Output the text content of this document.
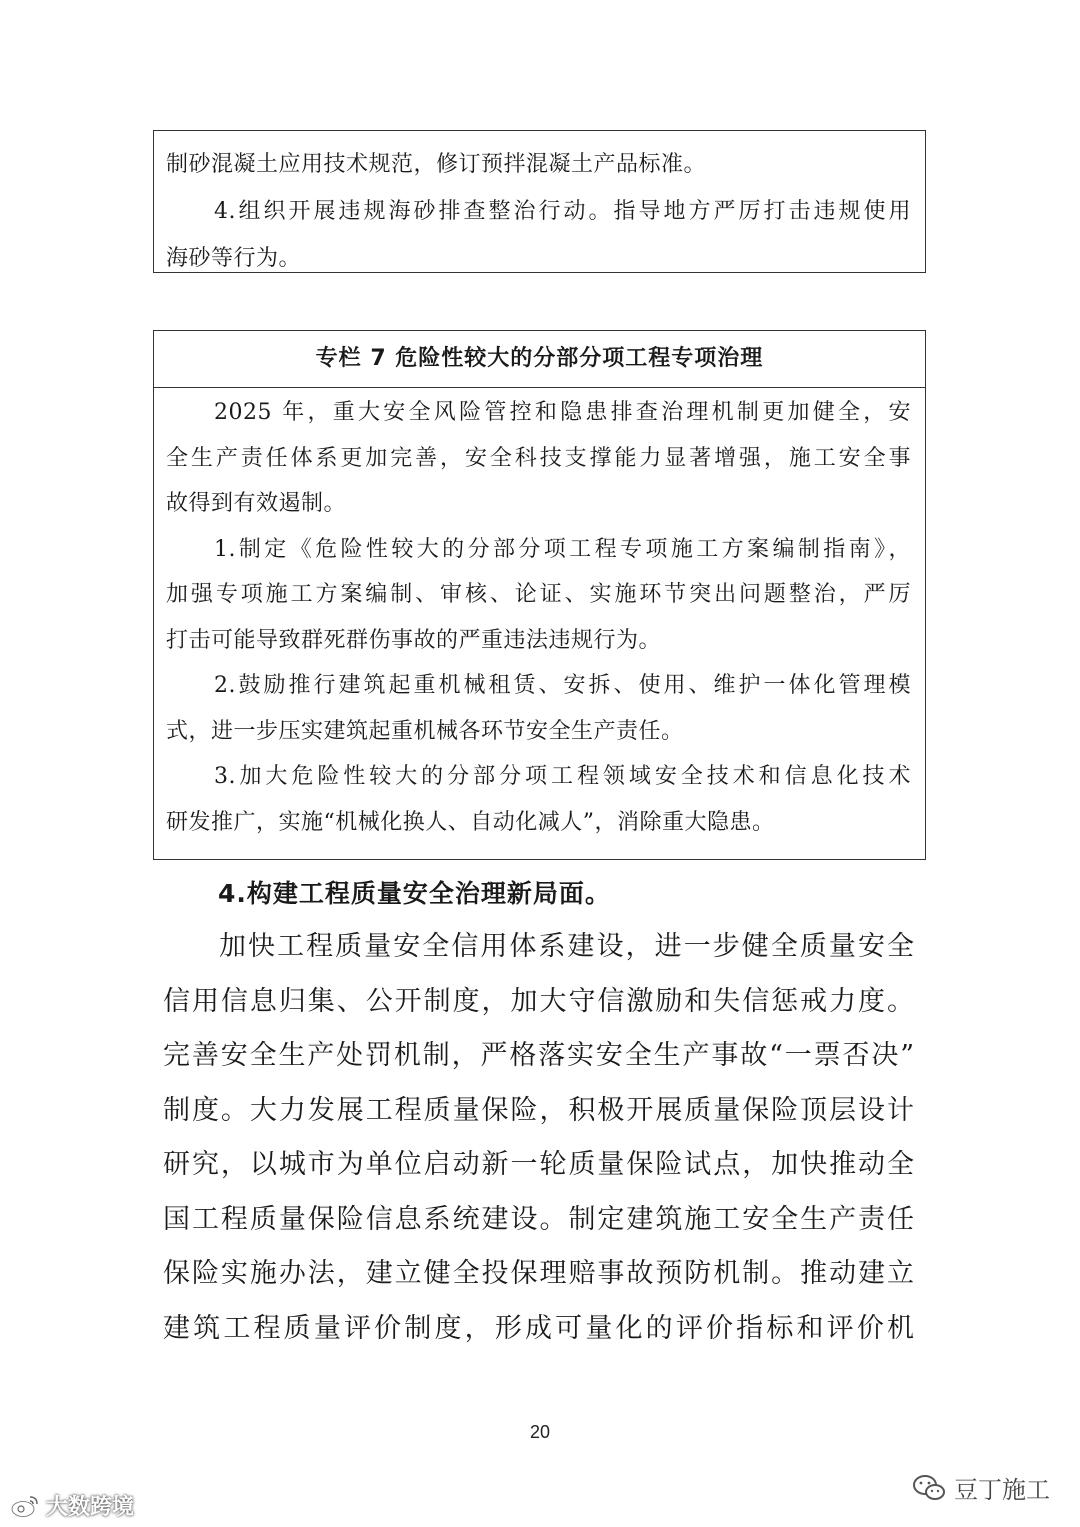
制砂混凝土应用技术规范，修订预拌混凝土产品标准。
4.组织开展违规海砂排查整治行动。指导地方严厉打击违规使用
海砂等行为。
专栏 7 危险性较大的分部分项工程专项治理
2025 年，重大安全风险管控和隐患排查治理机制更加健全，安
全生产责任体系更加完善，安全科技支撑能力显著增强，施工安全事
故得到有效遏制。
1.制定《危险性较大的分部分项工程专项施工方案编制指南》，
加强专项施工方案编制、审核、论证、实施环节突出问题整治，严厉
打击可能导致群死群伤事故的严重违法违规行为。
2.鼓励推行建筑起重机械租赁、安拆、使用、维护一体化管理模
式，进一步压实建筑起重机械各环节安全生产责任。
3.加大危险性较大的分部分项工程领域安全技术和信息化技术
研发推广，实施“机械化换人、自动化减人”，消除重大隐患。
4.构建工程质量安全治理新局面。
加快工程质量安全信用体系建设，进一步健全质量安全
信用信息归集、公开制度，加大守信激励和失信惩戒力度。
完善安全生产处罚机制，严格落实安全生产事故“一票否决”
制度。大力发展工程质量保险，积极开展质量保险顶层设计
研究，以城市为单位启动新一轮质量保险试点，加快推动全
国工程质量保险信息系统建设。制定建筑施工安全生产责任
保险实施办法，建立健全投保理赔事故预防机制。推动建立
建筑工程质量评价制度，形成可量化的评价指标和评价机
20
大数跨境
豆丁施工
